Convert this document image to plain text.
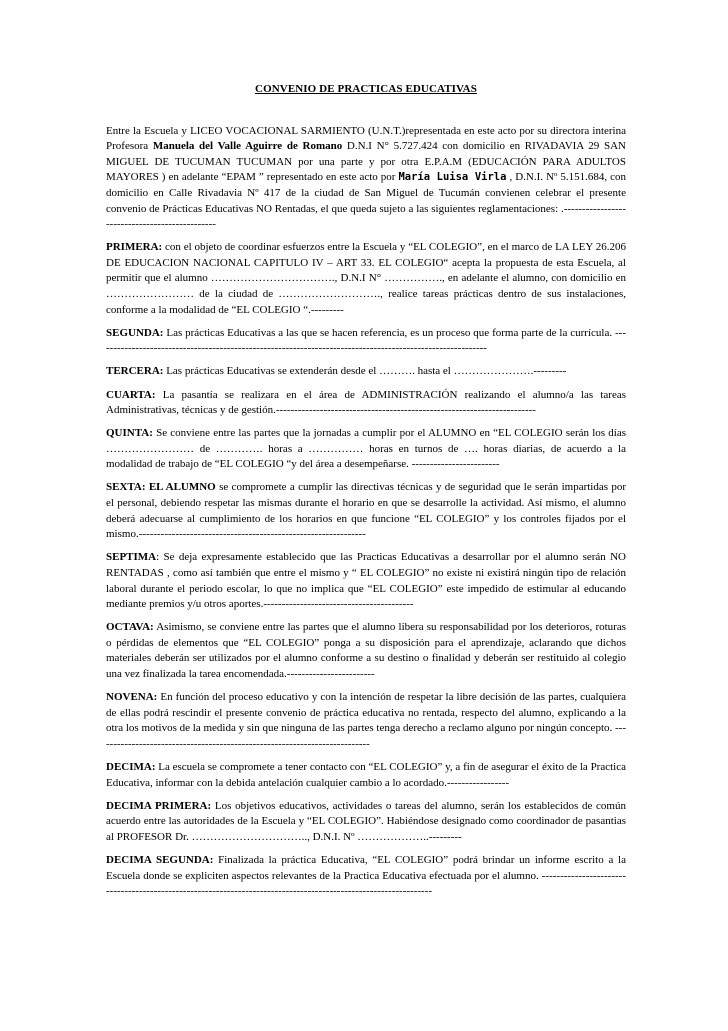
CONVENIO DE PRACTICAS EDUCATIVAS

Entre la Escuela y LICEO VOCACIONAL SARMIENTO (U.N.T.)representada en este acto por su directora interina Profesora Manuela del Valle Aguirre de Romano D.N.I N° 5.727.424 con domicilio en RIVADAVIA 29 SAN MIGUEL DE TUCUMAN TUCUMAN por una parte y por otra E.P.A.M (EDUCACIÓN PARA ADULTOS MAYORES ) en adelante “EPAM ” representado en este acto por María Luisa Virla , D.N.I. Nº 5.151.684, con domicilio en Calle Rivadavia Nº 417 de la ciudad de San Miguel de Tucumán convienen celebrar el presente convenio de Prácticas Educativas NO Rentadas, el que queda sujeto a las siguientes reglamentaciones: .-----------------------------------------------

PRIMERA: con el objeto de coordinar esfuerzos entre la Escuela y “EL COLEGIO”, en el marco de LA LEY 26.206 DE EDUCACION NACIONAL CAPITULO IV – ART 33. EL COLEGIO“ acepta la propuesta de esta Escuela, al permitir que el alumno ……………………………., D.N.I N° ……………., en adelante el alumno, con domicilio en …………………… de la ciudad de ………………………., realice tareas prácticas dentro de sus instalaciones, conforme a la modalidad de “EL COLEGIO “.---------

SEGUNDA: Las prácticas Educativas a las que se hacen referencia, es un proceso que forma parte de la currícula. -----------------------------------------------------------------------------------------------------------

TERCERA: Las prácticas Educativas se extenderán desde el ………. hasta el ………………….---------

CUARTA: La pasantía se realizara en el área de ADMINISTRACIÓN realizando el alumno/a las tareas Administrativas, técnicas y de gestión.-----------------------------------------------------------------------

QUINTA: Se conviene entre las partes que la jornadas a cumplir por el ALUMNO en “EL COLEGIO serán los días …………………… de …………. horas a …………… horas en turnos de …. horas diarias, de acuerdo a la modalidad de trabajo de “EL COLEGIO “y del área a desempeñarse. ------------------------

SEXTA: EL ALUMNO se compromete a cumplir las directivas técnicas y de seguridad que le serán impartidas por el personal, debiendo respetar las mismas durante el horario en que se desarrolle la actividad. Así mismo, el alumno deberá adecuarse al cumplimiento de los horarios en que funcione “EL COLEGIO” y los controles fijados por el mismo.--------------------------------------------------------------

SEPTIMA: Se deja expresamente establecido que las Practicas Educativas a desarrollar por el alumno serán NO RENTADAS , como así también que entre el mismo y “ EL COLEGIO” no existe ni existirá ningún tipo de relación laboral durante el periodo escolar, lo que no implica que “EL COLEGIO” este impedido de estimular al educando mediante premios y/u otros aportes.-----------------------------------------

OCTAVA: Asimismo, se conviene entre las partes que el alumno libera su responsabilidad por los deterioros, roturas o pérdidas de elementos que “EL COLEGIO” ponga a su disposición para el aprendizaje, aclarando que dichos materiales deberán ser utilizados por el alumno conforme a su destino o finalidad y deberán ser restituido al colegio una vez finalizada la tarea encomendada.------------------------

NOVENA: En función del proceso educativo y con la intención de respetar la libre decisión de las partes, cualquiera de ellas podrá rescindir el presente convenio de práctica educativa no rentada, respecto del alumno, explicando a la otra los motivos de la medida y sin que ninguna de las partes tenga derecho a reclamo alguno por ningún concepto. ---------------------------------------------------------------------------

DECIMA: La escuela se compromete a tener contacto con “EL COLEGIO” y, a fin de asegurar el éxito de la Practica Educativa, informar con la debida antelación cualquier cambio a lo acordado.-----------------

DECIMA PRIMERA: Los objetivos educativos, actividades o tareas del alumno, serán los establecidos de común acuerdo entre las autoridades de la Escuela y “EL COLEGIO”. Habiéndose designado como coordinador de pasantias al PROFESOR Dr. ………………………….., D.N.I. Nº ………………..---------

DECIMA SEGUNDA: Finalizada la práctica Educativa, “EL COLEGIO” podrá brindar un informe escrito a la Escuela donde se expliciten aspectos relevantes de la Practica Educativa efectuada por el alumno. ----------------------------------------------------------------------------------------------------------------
